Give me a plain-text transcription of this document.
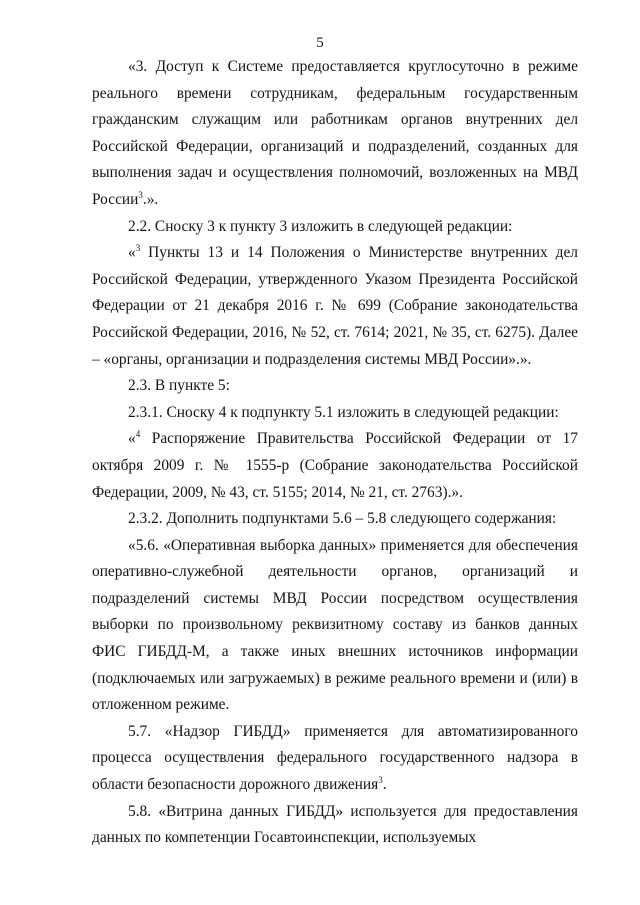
5

«3. Доступ к Системе предоставляется круглосуточно в режиме реального времени сотрудникам, федеральным государственным гражданским служащим или работникам органов внутренних дел Российской Федерации, организаций и подразделений, созданных для выполнения задач и осуществления полномочий, возложенных на МВД России$^3$.».

2.2. Сноску 3 к пункту 3 изложить в следующей редакции:

«$^3$ Пункты 13 и 14 Положения о Министерстве внутренних дел Российской Федерации, утвержденного Указом Президента Российской Федерации от 21 декабря 2016 г. № 699 (Собрание законодательства Российской Федерации, 2016, № 52, ст. 7614; 2021, № 35, ст. 6275). Далее – «органы, организации и подразделения системы МВД России».».

2.3. В пункте 5:

2.3.1. Сноску 4 к подпункту 5.1 изложить в следующей редакции:

«$^4$ Распоряжение Правительства Российской Федерации от 17 октября 2009 г. № 1555-р (Собрание законодательства Российской Федерации, 2009, № 43, ст. 5155; 2014, № 21, ст. 2763).».

2.3.2. Дополнить подпунктами 5.6 – 5.8 следующего содержания:

«5.6. «Оперативная выборка данных» применяется для обеспечения оперативно-служебной деятельности органов, организаций и подразделений системы МВД России посредством осуществления выборки по произвольному реквизитному составу из банков данных ФИС ГИБДД-М, а также иных внешних источников информации (подключаемых или загружаемых) в режиме реального времени и (или) в отложенном режиме.

5.7. «Надзор ГИБДД» применяется для автоматизированного процесса осуществления федерального государственного надзора в области безопасности дорожного движения$^3$.

5.8. «Витрина данных ГИБДД» используется для предоставления данных по компетенции Госавтоинспекции, используемых
